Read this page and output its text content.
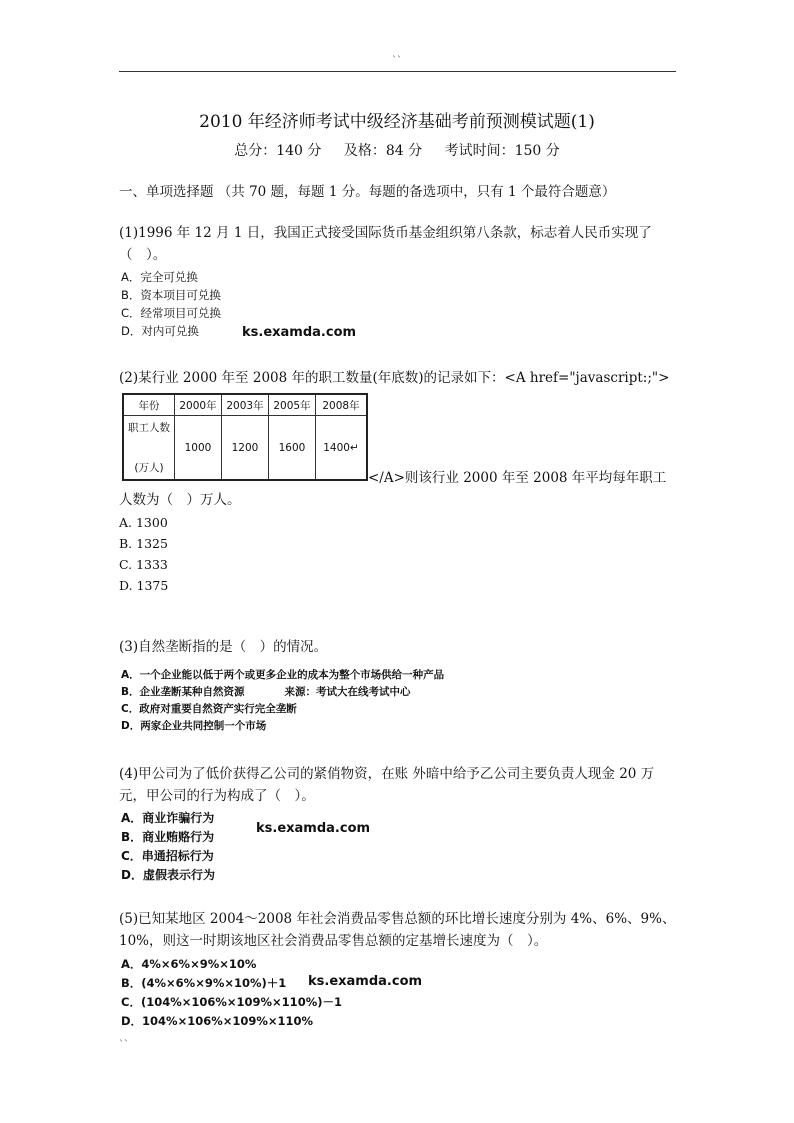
``
2010 年经济师考试中级经济基础考前预测模试题(1)
总分：140 分 及格：84 分 考试时间：150 分
一、单项选择题 （共 70 题，每题 1 分。每题的备选项中，只有 1 个最符合题意）
(1)1996 年 12 月 1 日，我国正式接受国际货币基金组织第八条款，标志着人民币实现了（　）。
A．完全可兑换
B．资本项目可兑换
C．经常项目可兑换
D．对内可兑换	ks.examda.com
(2)某行业 2000 年至 2008 年的职工数量(年底数)的记录如下：<A href="javascript:;">
年份	2000年	2003年	2005年	2008年

职工人数
(万人)	1000	1200	1600	1400↵
</A>则该行业 2000 年至 2008 年平均每年职工人数为（　）万人。
A. 1300
B. 1325
C. 1333
D. 1375
(3)自然垄断指的是（　）的情况。
A．一个企业能以低于两个或更多企业的成本为整个市场供给一种产品
B．企业垄断某种自然资源	来源：考试大在线考试中心
C．政府对重要自然资产实行完全垄断
D．两家企业共同控制一个市场
(4)甲公司为了低价获得乙公司的紧俏物资，在账 外暗中给予乙公司主要负责人现金 20 万元，甲公司的行为构成了（　）。
A．商业诈骗行为
B．商业贿赂行为
C．串通招标行为
D．虚假表示行为
ks.examda.com
(5)已知某地区 2004～2008 年社会消费品零售总额的环比增长速度分别为 4%、6%、9%、10%，则这一时期该地区社会消费品零售总额的定基增长速度为（　）。
A．4%×6%×9%×10%
B．(4%×6%×9%×10%)＋1
C．(104%×106%×109%×110%)－1
D．104%×106%×109%×110%
ks.examda.com
``
